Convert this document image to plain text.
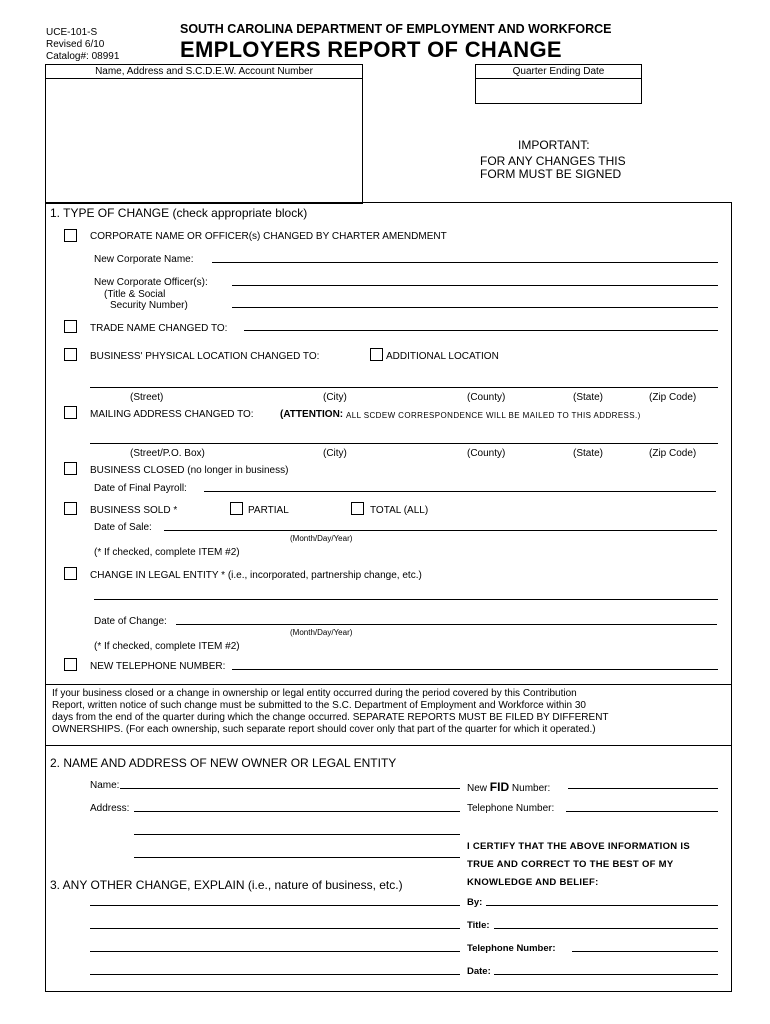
UCE-101-S
Revised 6/10
Catalog#: 08991
SOUTH CAROLINA DEPARTMENT OF EMPLOYMENT AND WORKFORCE
EMPLOYERS REPORT OF CHANGE
Name, Address and S.C.D.E.W. Account Number	Quarter Ending Date
IMPORTANT:
FOR ANY CHANGES THIS
FORM MUST BE SIGNED
1. TYPE OF CHANGE (check appropriate block)
CORPORATE NAME OR OFFICER(s) CHANGED BY CHARTER AMENDMENT
New Corporate Name:
New Corporate Officer(s):
(Title & Social
Security Number)
TRADE NAME CHANGED TO:
BUSINESS' PHYSICAL LOCATION CHANGED TO:	ADDITIONAL LOCATION
(Street)	(City)	(County)	(State)	(Zip Code)
MAILING ADDRESS CHANGED TO:	(ATTENTION: ALL SCDEW CORRESPONDENCE WILL BE MAILED TO THIS ADDRESS.)
(Street/P.O. Box)	(City)	(County)	(State)	(Zip Code)
BUSINESS CLOSED (no longer in business)
Date of Final Payroll:
BUSINESS SOLD *	PARTIAL	TOTAL (ALL)
Date of Sale:
(Month/Day/Year)
(* If checked, complete ITEM #2)
CHANGE IN LEGAL ENTITY * (i.e., incorporated, partnership change, etc.)
Date of Change:
(Month/Day/Year)
(* If checked, complete ITEM #2)
NEW TELEPHONE NUMBER:
If your business closed or a change in ownership or legal entity occurred during the period covered by this Contribution
Report, written notice of such change must be submitted to the S.C. Department of Employment and Workforce within 30
days from the end of the quarter during which the change occurred. SEPARATE REPORTS MUST BE FILED BY DIFFERENT
OWNERSHIPS. (For each ownership, such separate report should cover only that part of the quarter for which it operated.)
2. NAME AND ADDRESS OF NEW OWNER OR LEGAL ENTITY
Name:	New FID Number:
Address:	Telephone Number:
I CERTIFY THAT THE ABOVE INFORMATION IS
TRUE AND CORRECT TO THE BEST OF MY
KNOWLEDGE AND BELIEF:
3. ANY OTHER CHANGE, EXPLAIN (i.e., nature of business, etc.)
By:
Title:
Telephone Number:
Date:
